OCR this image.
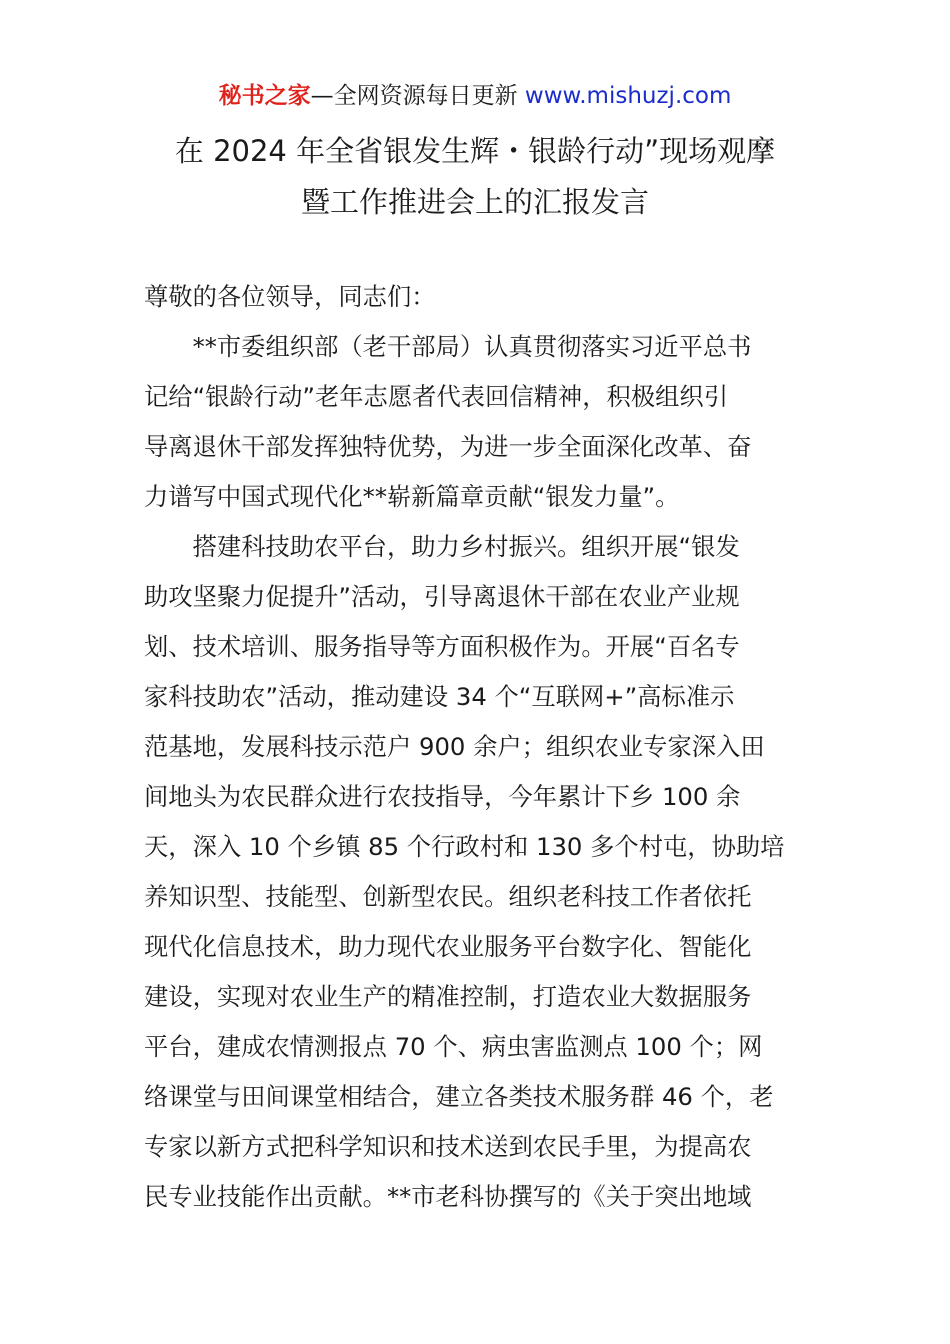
秘书之家—全网资源每日更新 www.mishuzj.com
在 2024 年全省银发生辉・银龄行动”现场观摩
暨工作推进会上的汇报发言
尊敬的各位领导，同志们：
　　**市委组织部（老干部局）认真贯彻落实习近平总书
记给“银龄行动”老年志愿者代表回信精神，积极组织引
导离退休干部发挥独特优势，为进一步全面深化改革、奋
力谱写中国式现代化**崭新篇章贡献“银发力量”。
　　搭建科技助农平台，助力乡村振兴。组织开展“银发
助攻坚聚力促提升”活动，引导离退休干部在农业产业规
划、技术培训、服务指导等方面积极作为。开展“百名专
家科技助农”活动，推动建设 34 个“互联网+”高标准示
范基地，发展科技示范户 900 余户；组织农业专家深入田
间地头为农民群众进行农技指导，今年累计下乡 100 余
天，深入 10 个乡镇 85 个行政村和 130 多个村屯，协助培
养知识型、技能型、创新型农民。组织老科技工作者依托
现代化信息技术，助力现代农业服务平台数字化、智能化
建设，实现对农业生产的精准控制，打造农业大数据服务
平台，建成农情测报点 70 个、病虫害监测点 100 个；网
络课堂与田间课堂相结合，建立各类技术服务群 46 个，老
专家以新方式把科学知识和技术送到农民手里，为提高农
民专业技能作出贡献。**市老科协撰写的《关于突出地域
